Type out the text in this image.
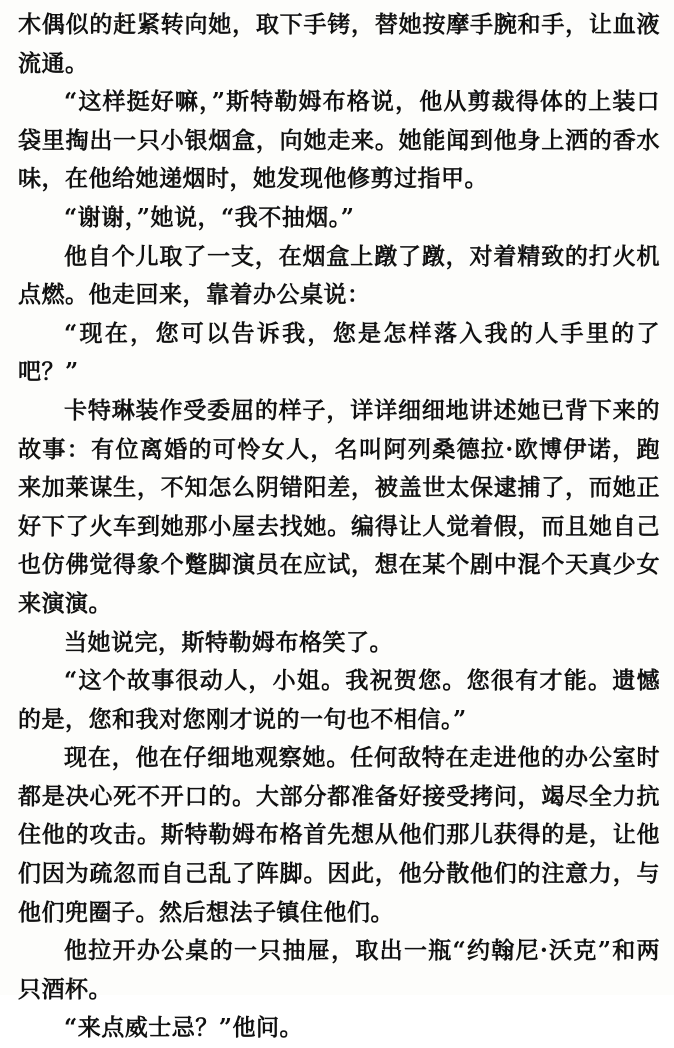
木偶似的赶紧转向她，取下手铐，替她按摩手腕和手，让血液流通。

“这样挺好嘛，”斯特勒姆布格说，他从剪裁得体的上装口袋里掏出一只小银烟盒，向她走来。她能闻到他身上洒的香水味，在他给她递烟时，她发现他修剪过指甲。

“谢谢，”她说，“我不抽烟。”

他自个儿取了一支，在烟盒上蹾了蹾，对着精致的打火机点燃。他走回来，靠着办公桌说：

“现在，您可以告诉我，您是怎样落入我的人手里的了吧？”

卡特琳装作受委屈的样子，详详细细地讲述她已背下来的故事：有位离婚的可怜女人，名叫阿列桑德拉·欧博伊诺，跑来加莱谋生，不知怎么阴错阳差，被盖世太保逮捕了，而她正好下了火车到她那小屋去找她。编得让人觉着假，而且她自己也仿佛觉得象个蹩脚演员在应试，想在某个剧中混个天真少女来演演。

当她说完，斯特勒姆布格笑了。

“这个故事很动人，小姐。我祝贺您。您很有才能。遗憾的是，您和我对您刚才说的一句也不相信。”

现在，他在仔细地观察她。任何敌特在走进他的办公室时都是决心死不开口的。大部分都准备好接受拷问，竭尽全力抗住他的攻击。斯特勒姆布格首先想从他们那儿获得的是，让他们因为疏忽而自己乱了阵脚。因此，他分散他们的注意力，与他们兜圈子。然后想法子镇住他们。

他拉开办公桌的一只抽屉，取出一瓶“约翰尼·沃克”和两只酒杯。

“来点威士忌？”他问。
